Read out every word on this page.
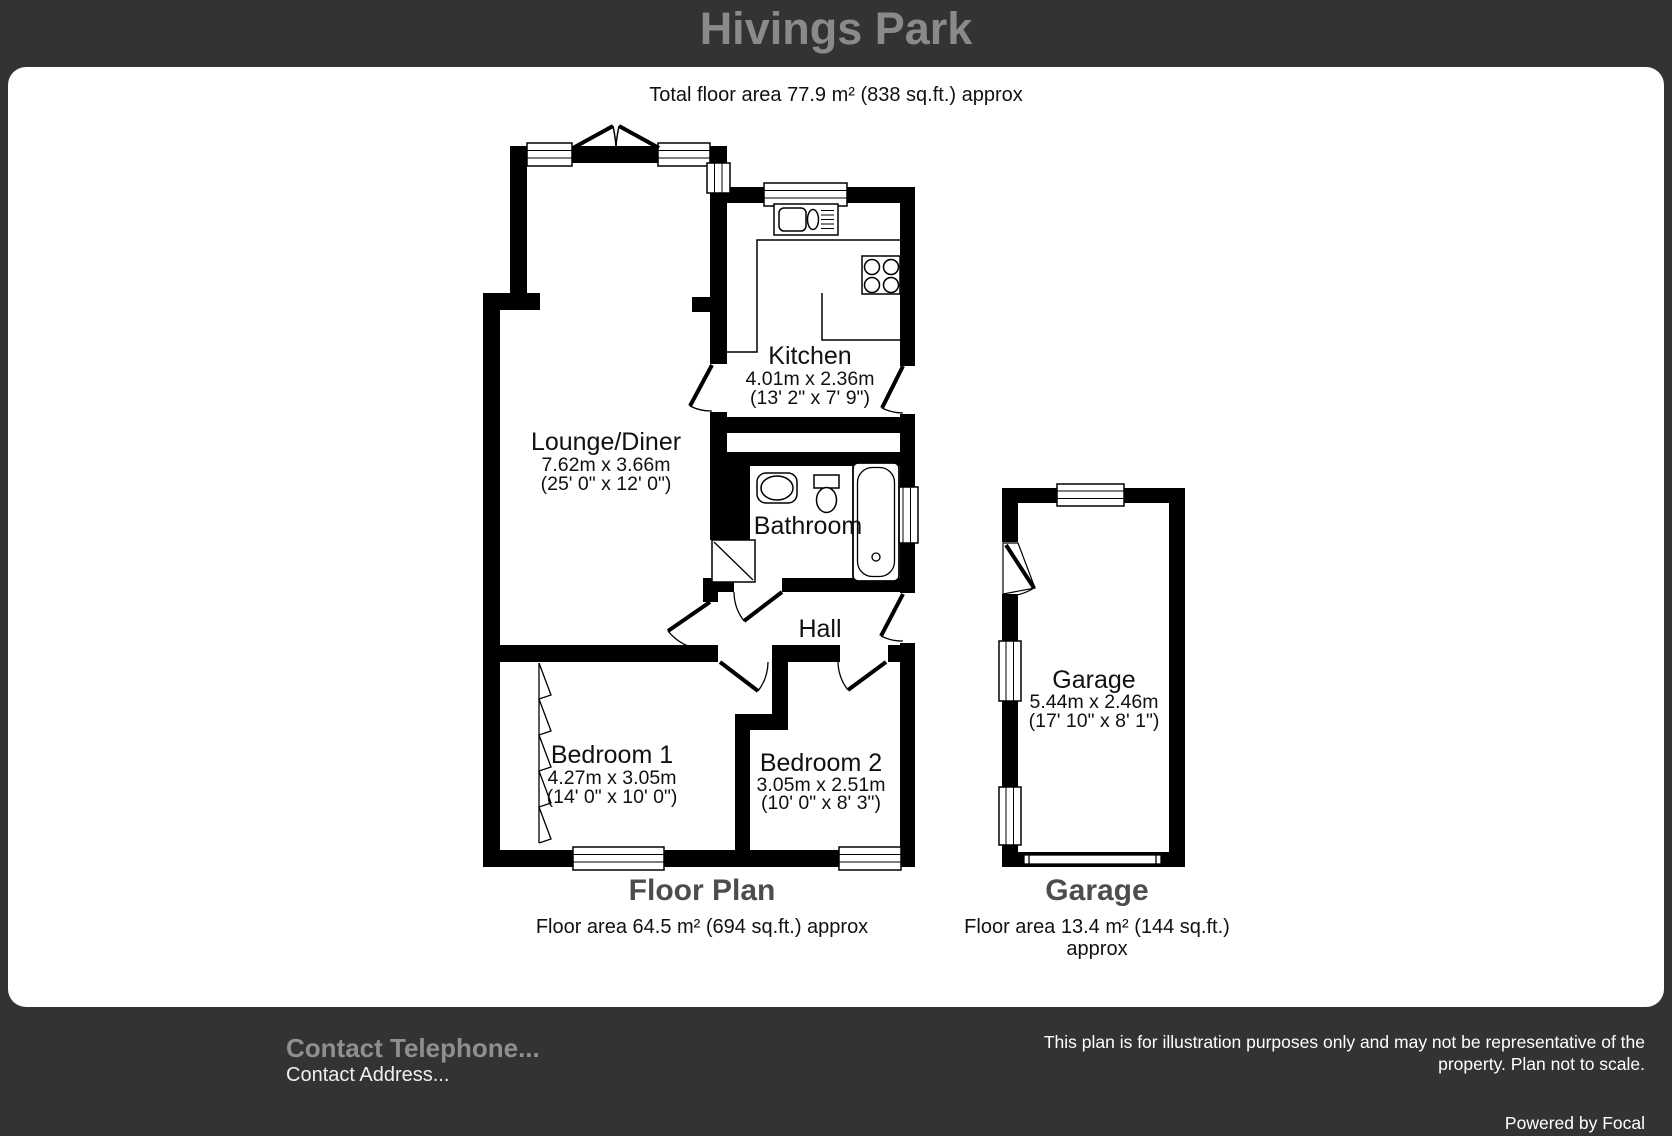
Hivings Park
Total floor area 77.9 m² (838 sq.ft.) approx
Lounge/Diner
7.62m x 3.66m
(25' 0" x 12' 0")
Kitchen
4.01m x 2.36m
(13' 2" x 7' 9")
Bathroom
Hall
Bedroom 1
4.27m x 3.05m
(14' 0" x 10' 0")
Bedroom 2
3.05m x 2.51m
(10' 0" x 8' 3")
Garage
5.44m x 2.46m
(17' 10" x 8' 1")
Floor Plan
Floor area 64.5 m² (694 sq.ft.) approx
Garage
Floor area 13.4 m² (144 sq.ft.)
approx
Contact Telephone...
Contact Address...
This plan is for illustration purposes only and may not be representative of the property. Plan not to scale.
Powered by Focal
